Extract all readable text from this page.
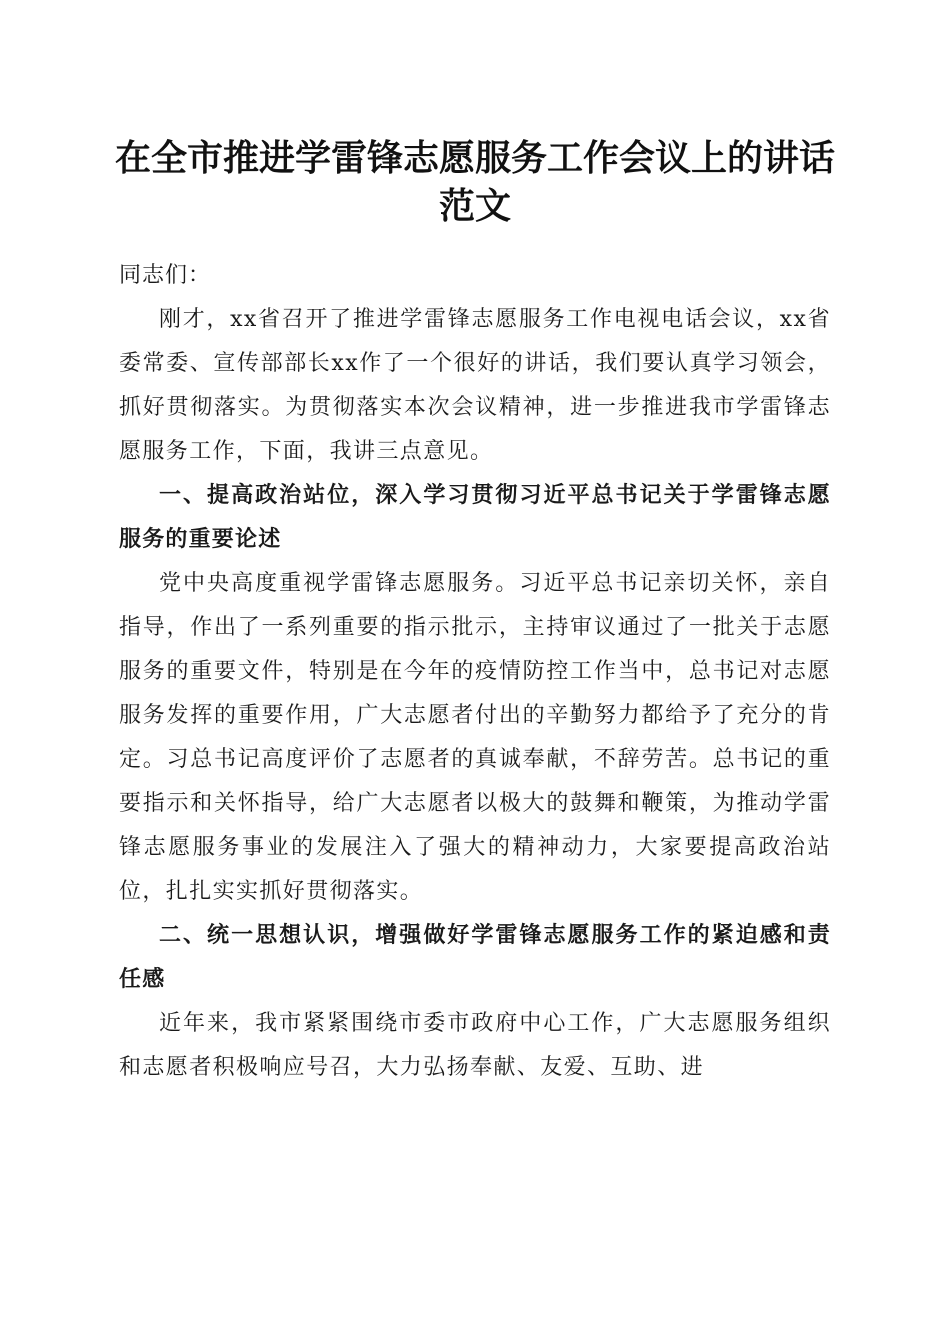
在全市推进学雷锋志愿服务工作会议上的讲话
范文

同志们：

刚才，xx省召开了推进学雷锋志愿服务工作电视电话会议，xx省委常委、宣传部部长xx作了一个很好的讲话，我们要认真学习领会，抓好贯彻落实。为贯彻落实本次会议精神，进一步推进我市学雷锋志愿服务工作，下面，我讲三点意见。

一、提高政治站位，深入学习贯彻习近平总书记关于学雷锋志愿服务的重要论述

党中央高度重视学雷锋志愿服务。习近平总书记亲切关怀，亲自指导，作出了一系列重要的指示批示，主持审议通过了一批关于志愿服务的重要文件，特别是在今年的疫情防控工作当中，总书记对志愿服务发挥的重要作用，广大志愿者付出的辛勤努力都给予了充分的肯定。习总书记高度评价了志愿者的真诚奉献，不辞劳苦。总书记的重要指示和关怀指导，给广大志愿者以极大的鼓舞和鞭策，为推动学雷锋志愿服务事业的发展注入了强大的精神动力，大家要提高政治站位，扎扎实实抓好贯彻落实。

二、统一思想认识，增强做好学雷锋志愿服务工作的紧迫感和责任感

近年来，我市紧紧围绕市委市政府中心工作，广大志愿服务组织和志愿者积极响应号召，大力弘扬奉献、友爱、互助、进
